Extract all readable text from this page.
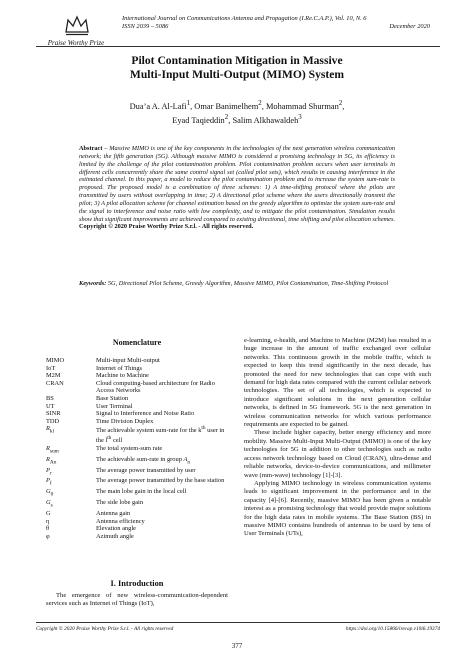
Praise Worthy Prize
International Journal on Communications Antenna and Propagation (I.Re.C.A.P.), Vol. 10, N. 6
ISSN 2039 – 5086	December 2020
Pilot Contamination Mitigation in Massive
Multi-Input Multi-Output (MIMO) System
Dua’a A. Al-Lafi$^1$, Omar Banimelhem$^2$, Mohammad Shurman$^2$,
Eyad Taqieddin$^2$, Salim Alkhawaldeh$^3$
Abstract – Massive MIMO is one of the key components in the technologies of the next generation wireless communication network; the fifth generation (5G). Although massive MIMO is considered a promising technology in 5G, its efficiency is limited by the challenge of the pilot contamination problem. Pilot contamination problem occurs when user terminals in different cells concurrently share the same control signal set (called pilot sets), which results in causing interference in the estimated channel. In this paper, a model to reduce the pilot contamination problem and to increase the system sum-rate is proposed. The proposed model is a combination of three schemes: 1) A time-shifting protocol where the pilots are transmitted by users without overlapping in time; 2) A directional pilot scheme where the users directionally transmit the pilot; 3) A pilot allocation scheme for channel estimation based on the greedy algorithm to optimize the system sum-rate and the signal to interference and noise ratio with low complexity, and to mitigate the pilot contamination. Simulation results show that significant improvements are achieved compared to existing directional, time shifting and pilot allocation schemes. Copyright © 2020 Praise Worthy Prize S.r.l. - All rights reserved.
Keywords: 5G, Directional Pilot Scheme, Greedy Algorithm, Massive MIMO, Pilot Contamination, Time-Shifting Protocol
Nomenclature
MIMO	Multi-input Multi-output
IoT	Internet of Things
M2M	Machine to Machine
CRAN	Cloud computing-based architecture for Radio Access Networks
BS	Base Station
UT	User Terminal
SINR	Signal to Interference and Noise Ratio
TDD	Time Division Duplex
$R_{kl}$	The achievable system sum-rate for the $k^{th}$ user in the $l^{th}$ cell
$R_{sum}$	The total system-sum rate
$R_{An}$	The achievable sum-rate in group $A_n$
$P_r$	The average power transmitted by user
$P_f$	The average power transmitted by the base station
$G_0$	The main lobe gain in the local cell
$G_s$	The side lobe gain
G	Antenna gain
η	Antenna efficiency
θ	Elevation angle
φ	Azimuth angle
I. Introduction
The emergence of new wireless-communication-dependent services such as Internet of Things (IoT),

e-learning, e-health, and Machine to Machine (M2M) has resulted in a huge increase in the amount of traffic exchanged over cellular networks. This continuous growth in the mobile traffic, which is expected to keep this trend significantly in the next decade, has promoted the need for new technologies that can cope with such demand for high data rates compared with the current cellular network technologies. The set of all technologies, which is expected to introduce significant solutions in the next generation cellular networks, is defined in 5G framework. 5G is the next generation in wireless communication networks for which various performance requirements are expected to be gained.

These include higher capacity, better energy efficiency and more mobility. Massive Multi-Input Multi-Output (MIMO) is one of the key technologies for 5G in addition to other technologies such as radio access network technology based on Cloud (CRAN), ultra-dense and reliable networks, device-to-device communications, and millimeter wave (mm-wave) technology [1]-[3].

Applying MIMO technology in wireless communication systems leads to significant improvement in the performance and in the capacity [4]-[6]. Recently, massive MIMO has been given a notable interest as a promising technology that would provide major solutions for the high data rates in mobile systems. The Base Station (BS) in massive MIMO contains hundreds of antennas to be used by tens of User Terminals (UTs),

Copyright © 2020 Praise Worthy Prize S.r.l. - All rights reserved	https://doi.org/10.15866/irecap.v10i6.19374
377
